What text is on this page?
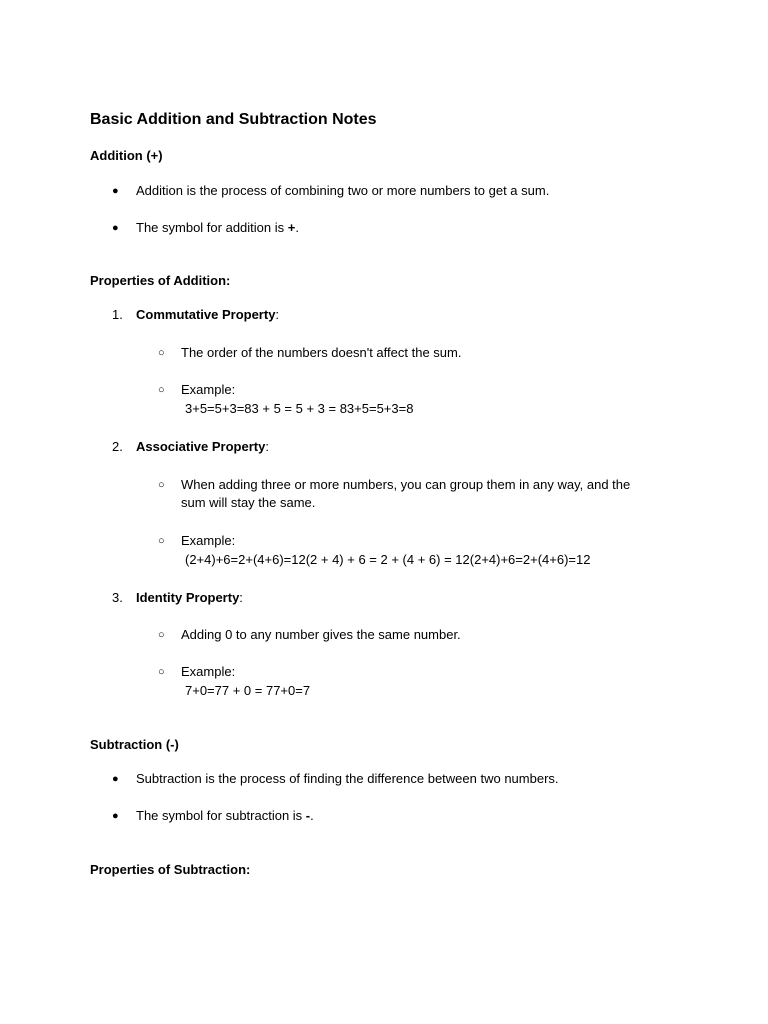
Basic Addition and Subtraction Notes
Addition (+)
● Addition is the process of combining two or more numbers to get a sum.
● The symbol for addition is +.
Properties of Addition:
1. Commutative Property:
○ The order of the numbers doesn't affect the sum.
○ Example:
3+5=5+3=83 + 5 = 5 + 3 = 83+5=5+3=8
2. Associative Property:
○ When adding three or more numbers, you can group them in any way, and the
sum will stay the same.
○ Example:
(2+4)+6=2+(4+6)=12(2 + 4) + 6 = 2 + (4 + 6) = 12(2+4)+6=2+(4+6)=12
3. Identity Property:
○ Adding 0 to any number gives the same number.
○ Example:
7+0=77 + 0 = 77+0=7
Subtraction (-)
● Subtraction is the process of finding the difference between two numbers.
● The symbol for subtraction is -.
Properties of Subtraction:
